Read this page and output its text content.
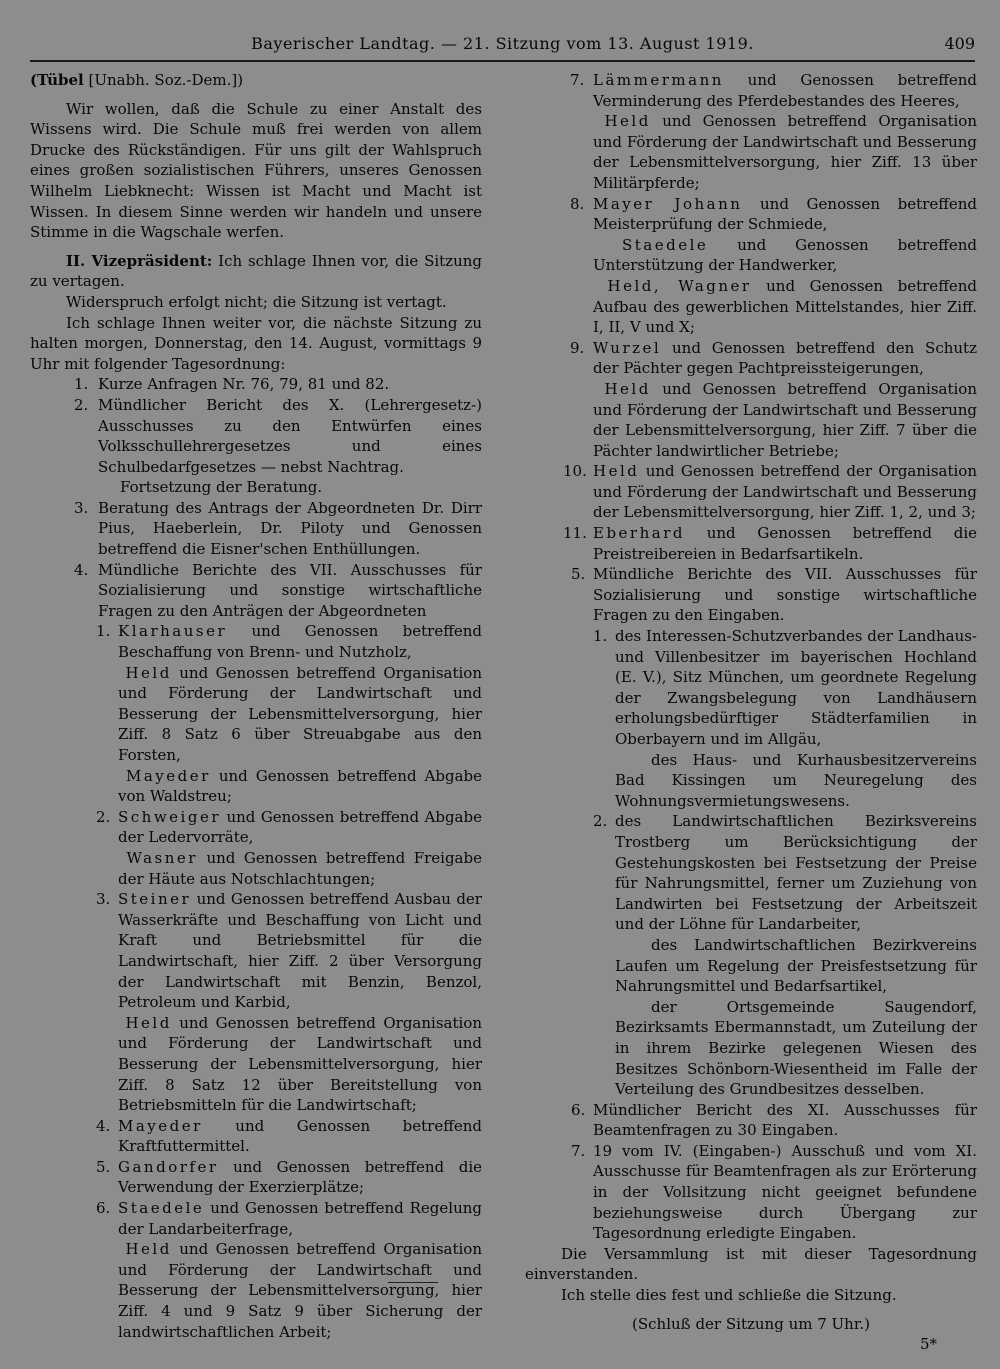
Bayerischer Landtag. — 21. Sitzung vom 13. August 1919.	409

(Tübel [Unabh. Soz.-Dem.])

Wir wollen, daß die Schule zu einer Anstalt des Wissens wird. Die Schule muß frei werden von allem Drucke des Rückständigen. Für uns gilt der Wahlspruch eines großen sozialistischen Führers, unseres Genossen Wilhelm Liebknecht: Wissen ist Macht und Macht ist Wissen. In diesem Sinne werden wir handeln und unsere Stimme in die Wagschale werfen.

II. Vizepräsident: Ich schlage Ihnen vor, die Sitzung zu vertagen.

Widerspruch erfolgt nicht; die Sitzung ist vertagt.

Ich schlage Ihnen weiter vor, die nächste Sitzung zu halten morgen, Donnerstag, den 14. August, vormittags 9 Uhr mit folgender Tagesordnung:

1. Kurze Anfragen Nr. 76, 79, 81 und 82.
2. Mündlicher Bericht des X. (Lehrergesetz-) Ausschusses zu den Entwürfen eines Volksschullehrergesetzes und eines Schulbedarfgesetzes — nebst Nachtrag.

Fortsetzung der Beratung.

3. Beratung des Antrags der Abgeordneten Dr. Dirr Pius, Haeberlein, Dr. Piloty und Genossen betreffend die Eisner'schen Enthüllungen.
4. Mündliche Berichte des VII. Ausschusses für Sozialisierung und sonstige wirtschaftliche Fragen zu den Anträgen der Abgeordneten
1. Klarhauser und Genossen betreffend Beschaffung von Brenn- und Nutzholz,

Held und Genossen betreffend Organisation und Förderung der Landwirtschaft und Besserung der Lebensmittelversorgung, hier Ziff. 8 Satz 6 über Streuabgabe aus den Forsten,

Mayeder und Genossen betreffend Abgabe von Waldstreu;

2. Schweiger und Genossen betreffend Abgabe der Ledervorräte,

Wasner und Genossen betreffend Freigabe der Häute aus Notschlachtungen;

3. Steiner und Genossen betreffend Ausbau der Wasserkräfte und Beschaffung von Licht und Kraft und Betriebsmittel für die Landwirtschaft, hier Ziff. 2 über Versorgung der Landwirtschaft mit Benzin, Benzol, Petroleum und Karbid,

Held und Genossen betreffend Organisation und Förderung der Landwirtschaft und Besserung der Lebensmittelversorgung, hier Ziff. 8 Satz 12 über Bereitstellung von Betriebsmitteln für die Landwirtschaft;

4. Mayeder und Genossen betreffend Kraftfuttermittel.
5. Gandorfer und Genossen betreffend die Verwendung der Exerzierplätze;
6. Staedele und Genossen betreffend Regelung der Landarbeiterfrage,

Held und Genossen betreffend Organisation und Förderung der Landwirtschaft und Besserung der Lebensmittelversorgung, hier Ziff. 4 und 9 Satz 9 über Sicherung der landwirtschaftlichen Arbeit;

7. Lämmermann und Genossen betreffend Verminderung des Pferdebestandes des Heeres,

Held und Genossen betreffend Organisation und Förderung der Landwirtschaft und Besserung der Lebensmittelversorgung, hier Ziff. 13 über Militärpferde;

8. Mayer Johann und Genossen betreffend Meisterprüfung der Schmiede,

Staedele und Genossen betreffend Unterstützung der Handwerker,

Held, Wagner und Genossen betreffend Aufbau des gewerblichen Mittelstandes, hier Ziff. I, II, V und X;

9. Wurzel und Genossen betreffend den Schutz der Pächter gegen Pachtpreissteigerungen,

Held und Genossen betreffend Organisation und Förderung der Landwirtschaft und Besserung der Lebensmittelversorgung, hier Ziff. 7 über die Pächter landwirtlicher Betriebe;

10. Held und Genossen betreffend der Organisation und Förderung der Landwirtschaft und Besserung der Lebensmittelversorgung, hier Ziff. 1, 2, und 3;
11. Eberhard und Genossen betreffend die Preistreibereien in Bedarfsartikeln.
5. Mündliche Berichte des VII. Ausschusses für Sozialisierung und sonstige wirtschaftliche Fragen zu den Eingaben.
1. des Interessen-Schutzverbandes der Landhaus- und Villenbesitzer im bayerischen Hochland (E. V.), Sitz München, um geordnete Regelung der Zwangsbelegung von Landhäusern erholungsbedürftiger Städterfamilien in Oberbayern und im Allgäu,

des Haus- und Kurhausbesitzervereins Bad Kissingen um Neuregelung des Wohnungsvermietungswesens.

2. des Landwirtschaftlichen Bezirksvereins Trostberg um Berücksichtigung der Gestehungskosten bei Festsetzung der Preise für Nahrungsmittel, ferner um Zuziehung von Landwirten bei Festsetzung der Arbeitszeit und der Löhne für Landarbeiter,

des Landwirtschaftlichen Bezirkvereins Laufen um Regelung der Preisfestsetzung für Nahrungsmittel und Bedarfsartikel,

der Ortsgemeinde Saugendorf, Bezirksamts Ebermannstadt, um Zuteilung der in ihrem Bezirke gelegenen Wiesen des Besitzes Schönborn-Wiesentheid im Falle der Verteilung des Grundbesitzes desselben.

6. Mündlicher Bericht des XI. Ausschusses für Beamtenfragen zu 30 Eingaben.
7. 19 vom IV. (Eingaben-) Ausschuß und vom XI. Ausschusse für Beamtenfragen als zur Erörterung in der Vollsitzung nicht geeignet befundene beziehungsweise durch Übergang zur Tagesordnung erledigte Eingaben.

Die Versammlung ist mit dieser Tagesordnung einverstanden.

Ich stelle dies fest und schließe die Sitzung.

(Schluß der Sitzung um 7 Uhr.)

5*
